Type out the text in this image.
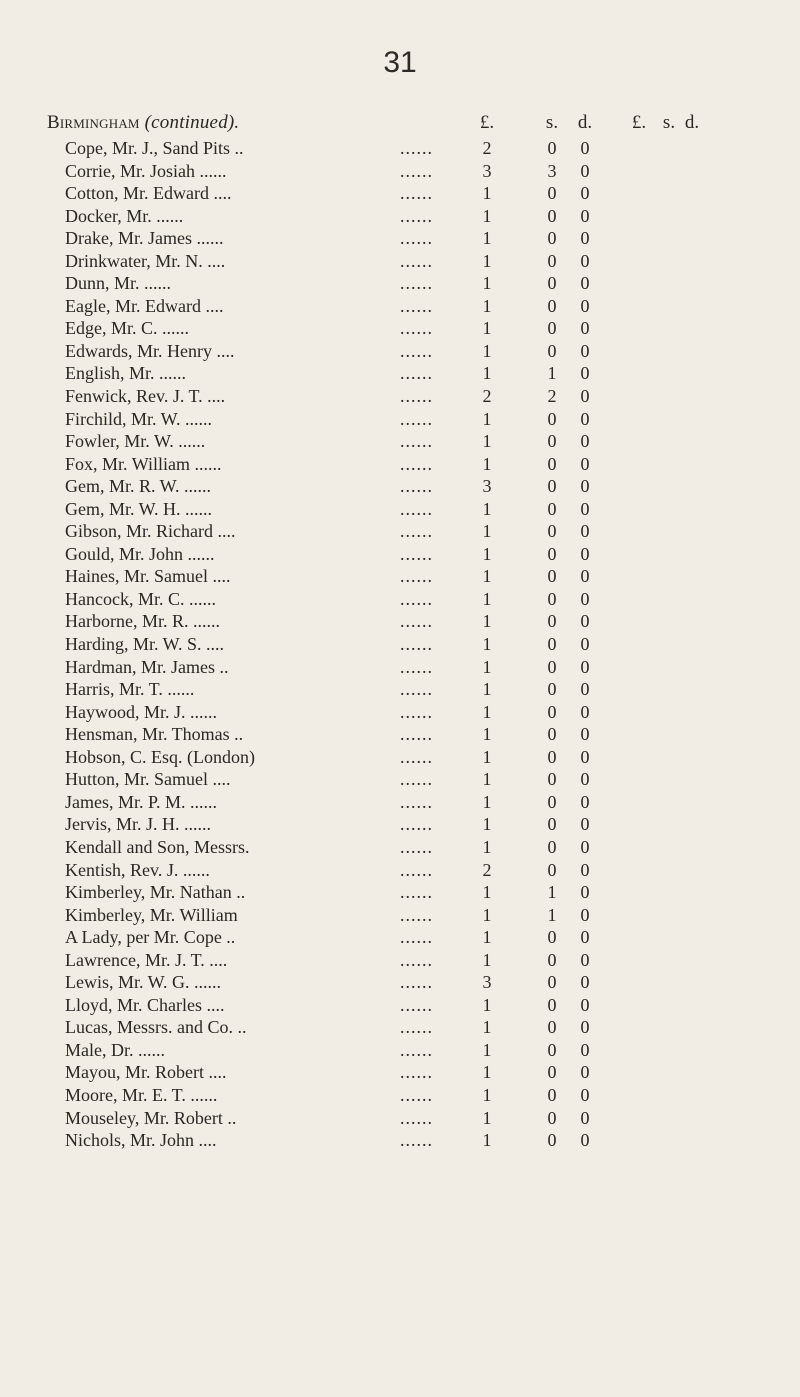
31
Birmingham (continued).	£.	s.	d.	£. s. d.
Cope, Mr. J., Sand Pits ..	......	2	0	0
Corrie, Mr. Josiah ......	......	3	3	0
Cotton, Mr. Edward ....	......	1	0	0
Docker, Mr. ......	......	1	0	0
Drake, Mr. James ......	......	1	0	0
Drinkwater, Mr. N. ....	......	1	0	0
Dunn, Mr. ......	......	1	0	0
Eagle, Mr. Edward ....	......	1	0	0
Edge, Mr. C. ......	......	1	0	0
Edwards, Mr. Henry ....	......	1	0	0
English, Mr. ......	......	1	1	0
Fenwick, Rev. J. T. ....	......	2	2	0
Firchild, Mr. W. ......	......	1	0	0
Fowler, Mr. W. ......	......	1	0	0
Fox, Mr. William ......	......	1	0	0
Gem, Mr. R. W. ......	......	3	0	0
Gem, Mr. W. H. ......	......	1	0	0
Gibson, Mr. Richard ....	......	1	0	0
Gould, Mr. John ......	......	1	0	0
Haines, Mr. Samuel ....	......	1	0	0
Hancock, Mr. C. ......	......	1	0	0
Harborne, Mr. R. ......	......	1	0	0
Harding, Mr. W. S. ....	......	1	0	0
Hardman, Mr. James ..	......	1	0	0
Harris, Mr. T. ......	......	1	0	0
Haywood, Mr. J. ......	......	1	0	0
Hensman, Mr. Thomas ..	......	1	0	0
Hobson, C. Esq. (London)	......	1	0	0
Hutton, Mr. Samuel ....	......	1	0	0
James, Mr. P. M. ......	......	1	0	0
Jervis, Mr. J. H. ......	......	1	0	0
Kendall and Son, Messrs.	......	1	0	0
Kentish, Rev. J. ......	......	2	0	0
Kimberley, Mr. Nathan ..	......	1	1	0
Kimberley, Mr. William	......	1	1	0
A Lady, per Mr. Cope ..	......	1	0	0
Lawrence, Mr. J. T. ....	......	1	0	0
Lewis, Mr. W. G. ......	......	3	0	0
Lloyd, Mr. Charles ....	......	1	0	0
Lucas, Messrs. and Co. ..	......	1	0	0
Male, Dr. ......	......	1	0	0
Mayou, Mr. Robert ....	......	1	0	0
Moore, Mr. E. T. ......	......	1	0	0
Mouseley, Mr. Robert ..	......	1	0	0
Nichols, Mr. John ....	......	1	0	0
